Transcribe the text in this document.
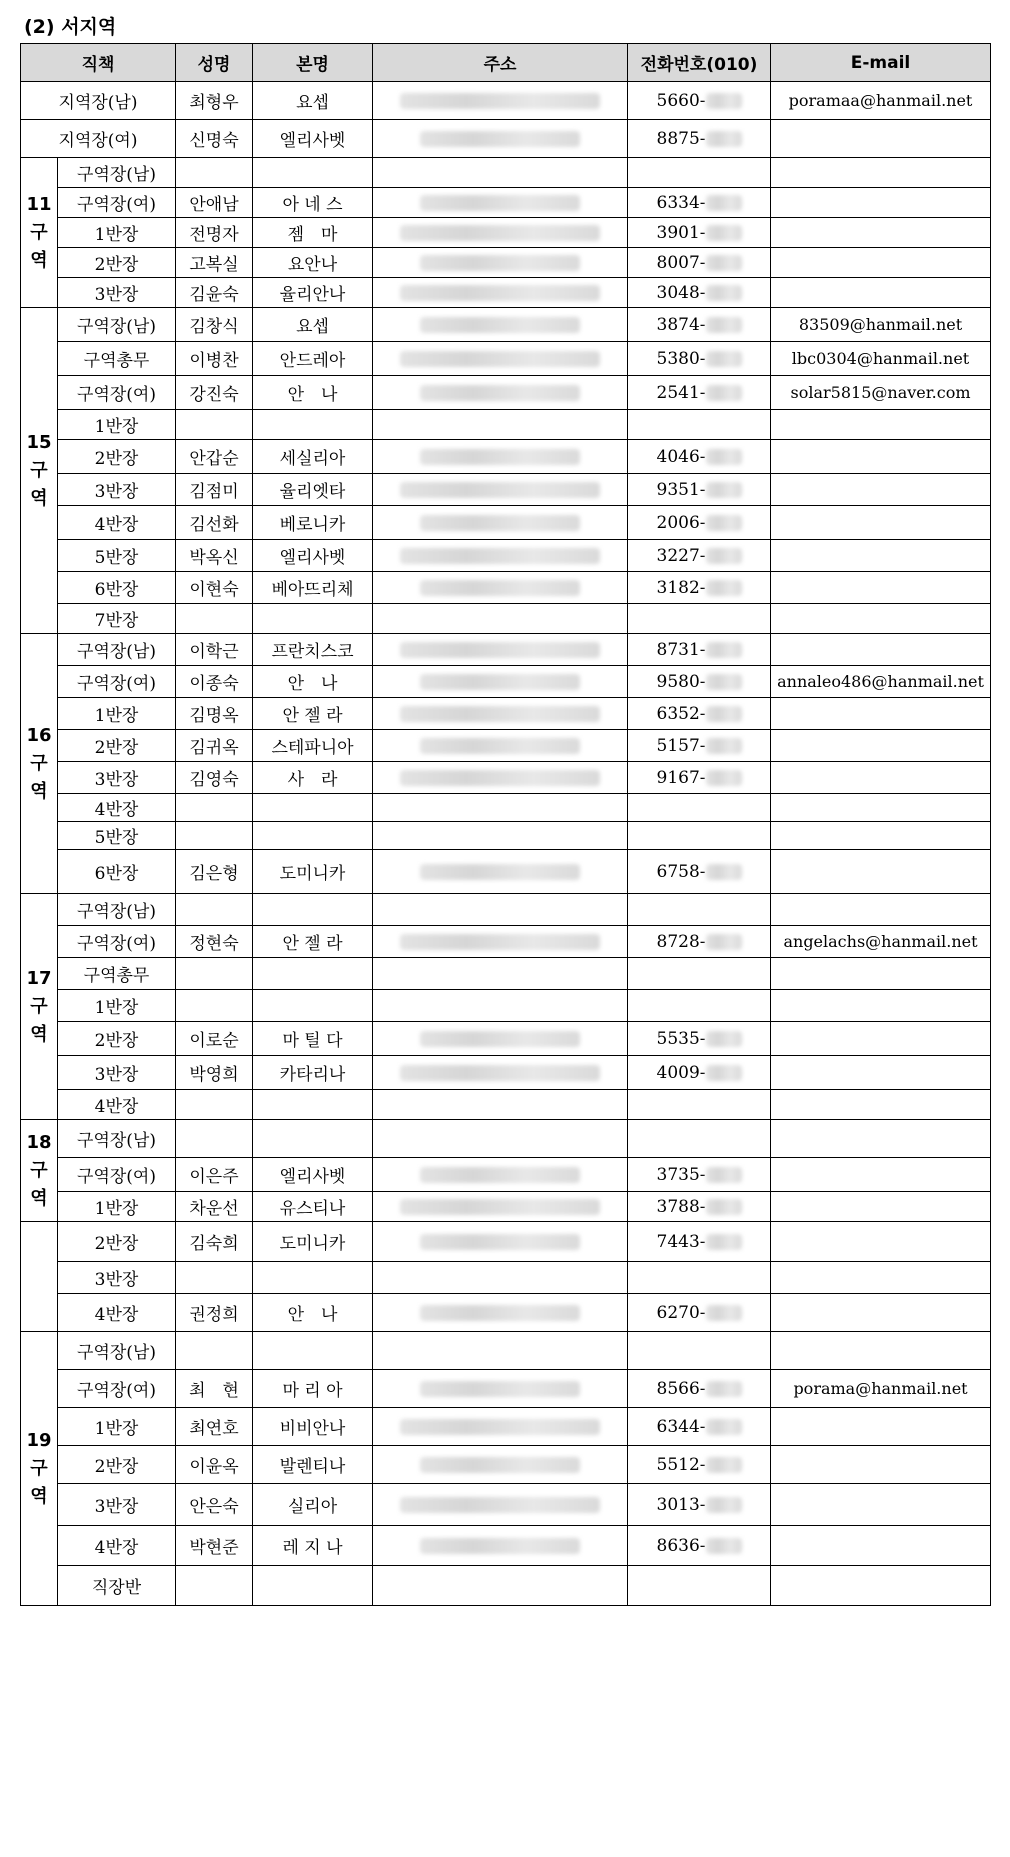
(2) 서지역
직책		성명	본명	주소	전화번호(010)	E-mail
지역장(남)		최형우	요셉		5660-	poramaa@hanmail.net
지역장(여)		신명숙	엘리사벳		8875-	

11
구
역	구역장(남)					
	구역장(여)	안애남	아 네 스		6334-	
	1반장	전명자	젬　마		3901-	
	2반장	고복실	요안나		8007-	
	3반장	김윤숙	율리안나		3048-	

15
구
역	구역장(남)	김창식	요셉		3874-	83509@hanmail.net
	구역총무	이병찬	안드레아		5380-	lbc0304@hanmail.net
	구역장(여)	강진숙	안　나		2541-	solar5815@naver.com
	1반장					
	2반장	안갑순	세실리아		4046-	
	3반장	김점미	율리엣타		9351-	
	4반장	김선화	베로니카		2006-	
	5반장	박옥신	엘리사벳		3227-	
	6반장	이현숙	베아뜨리체		3182-	
	7반장					

16
구
역	구역장(남)	이학근	프란치스코		8731-	
	구역장(여)	이종숙	안　나		9580-	annaleo486@hanmail.net
	1반장	김명옥	안 젤 라		6352-	
	2반장	김귀옥	스테파니아		5157-	
	3반장	김영숙	사　라		9167-	
	4반장					
	5반장					
	6반장	김은형	도미니카		6758-	

17
구
역	구역장(남)					
	구역장(여)	정현숙	안 젤 라		8728-	angelachs@hanmail.net
	구역총무					
	1반장					
	2반장	이로순	마 틸 다		5535-	
	3반장	박영희	카타리나		4009-	
	4반장					

18
구
역	구역장(남)					
	구역장(여)	이은주	엘리사벳		3735-	
	1반장	차운선	유스티나		3788-	
	2반장	김숙희	도미니카		7443-	
	3반장					
	4반장	권정희	안　나		6270-	

19
구
역	구역장(남)					
	구역장(여)	최　현	마 리 아		8566-	porama@hanmail.net
	1반장	최연호	비비안나		6344-	
	2반장	이윤옥	발렌티나		5512-	
	3반장	안은숙	실리아		3013-	
	4반장	박현준	레 지 나		8636-	
	직장반					
